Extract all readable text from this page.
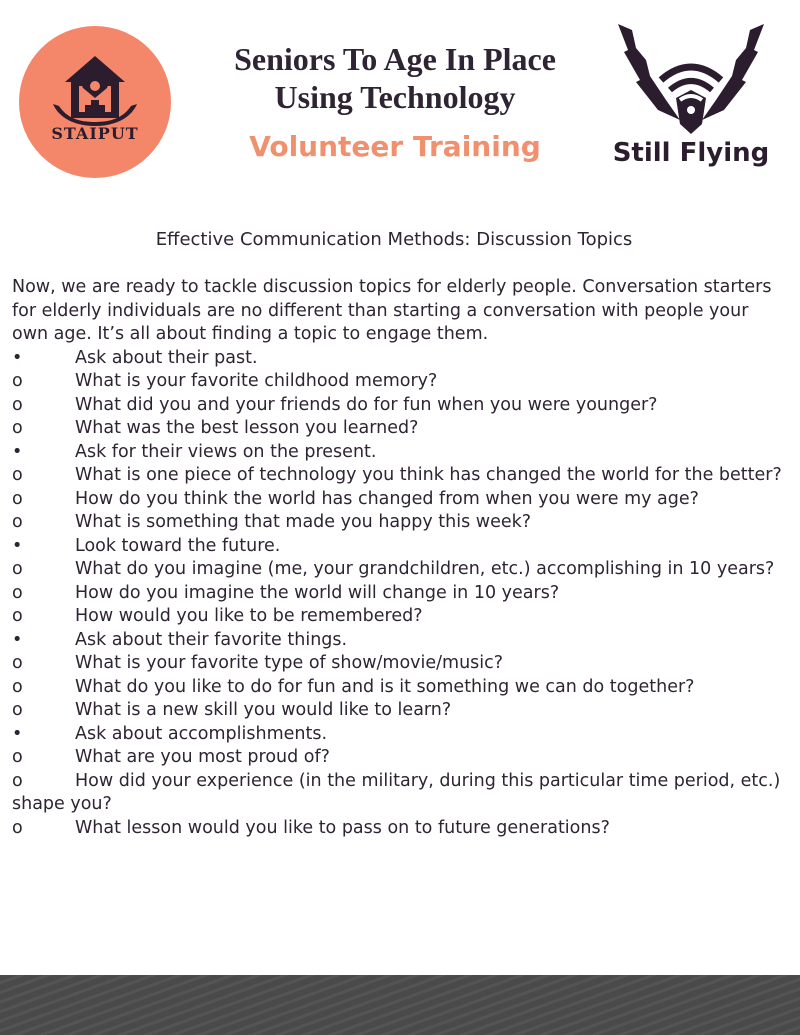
STAIPUT
Seniors To Age In Place
Using Technology
Volunteer Training	Still Flying
Effective Communication Methods: Discussion Topics

Now, we are ready to tackle discussion topics for elderly people. Conversation starters for elderly individuals are no different than starting a conversation with people your own age. It’s all about finding a topic to engage them.

•	Ask about their past.
o	What is your favorite childhood memory?
o	What did you and your friends do for fun when you were younger?
o	What was the best lesson you learned?
•	Ask for their views on the present.
o	What is one piece of technology you think has changed the world for the better?
o	How do you think the world has changed from when you were my age?
o	What is something that made you happy this week?
•	Look toward the future.
o	What do you imagine (me, your grandchildren, etc.) accomplishing in 10 years?
o	How do you imagine the world will change in 10 years?
o	How would you like to be remembered?
•	Ask about their favorite things.
o	What is your favorite type of show/movie/music?
o	What do you like to do for fun and is it something we can do together?
o	What is a new skill you would like to learn?
•	Ask about accomplishments.
o	What are you most proud of?
o	How did your experience (in the military, during this particular time period, etc.) shape you?
o	What lesson would you like to pass on to future generations?
